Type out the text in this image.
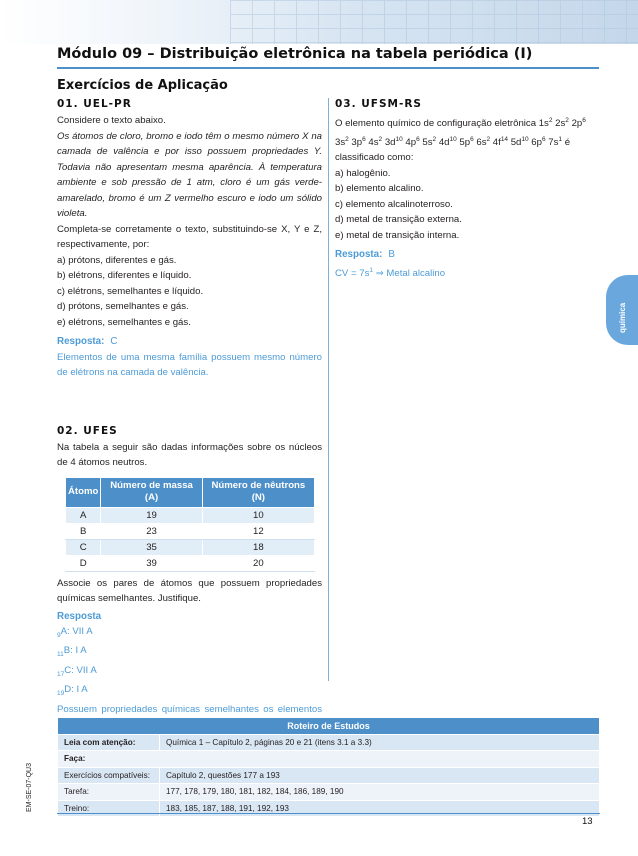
Módulo 09 – Distribuição eletrônica na tabela periódica (I)
Exercícios de Aplicação
01. UEL-PR
Considere o texto abaixo.
Os átomos de cloro, bromo e iodo têm o mesmo número X na camada de valência e por isso possuem propriedades Y. Todavia não apresentam mesma aparência. À temperatura ambiente e sob pressão de 1 atm, cloro é um gás verde-amarelado, bromo é um Z vermelho escuro e iodo um sólido violeta.
Completa-se corretamente o texto, substituindo-se X, Y e Z, respectivamente, por:
a) prótons, diferentes e gás.
b) elétrons, diferentes e líquido.
c) elétrons, semelhantes e líquido.
d) prótons, semelhantes e gás.
e) elétrons, semelhantes e gás.
Resposta: C
Elementos de uma mesma família possuem mesmo número de elétrons na camada de valência.
02. UFES
Na tabela a seguir são dadas informações sobre os núcleos de 4 átomos neutros.
Átomo	Número de massa (A)	Número de nêutrons (N)
A	19	10
B	23	12
C	35	18
D	39	20
Associe os pares de átomos que possuem propriedades químicas semelhantes. Justifique.
Resposta
$_9$A: VII A
$_{11}$B: I A
$_{17}$C: VII A
$_{19}$D: I A
Possuem propriedades químicas semelhantes os elementos
03. UFSM-RS
O elemento químico de configuração eletrônica $1s^2$ $2s^2$ $2p^6$ $3s^2$ $3p^6$ $4s^2$ $3d^{10}$ $4p^6$ $5s^2$ $4d^{10}$ $5p^6$ $6s^2$ $4f^{14}$ $5d^{10}$ $6p^6$ $7s^1$ é classificado como:
a) halogênio.
b) elemento alcalino.
c) elemento alcalinoterroso.
d) metal de transição externa.
e) metal de transição interna.
Resposta: B
CV = $7s^1$ ⇒ Metal alcalino
química
Roteiro de Estudos	
Leia com atenção:	Química 1 – Capítulo 2, páginas 20 e 21 (itens 3.1 a 3.3)
Faça:	
Exercícios compatíveis:	Capítulo 2, questões 177 a 193
Tarefa:	177, 178, 179, 180, 181, 182, 184, 186, 189, 190
Treino:	183, 185, 187, 188, 191, 192, 193
13
EM-SE-07-QU3
